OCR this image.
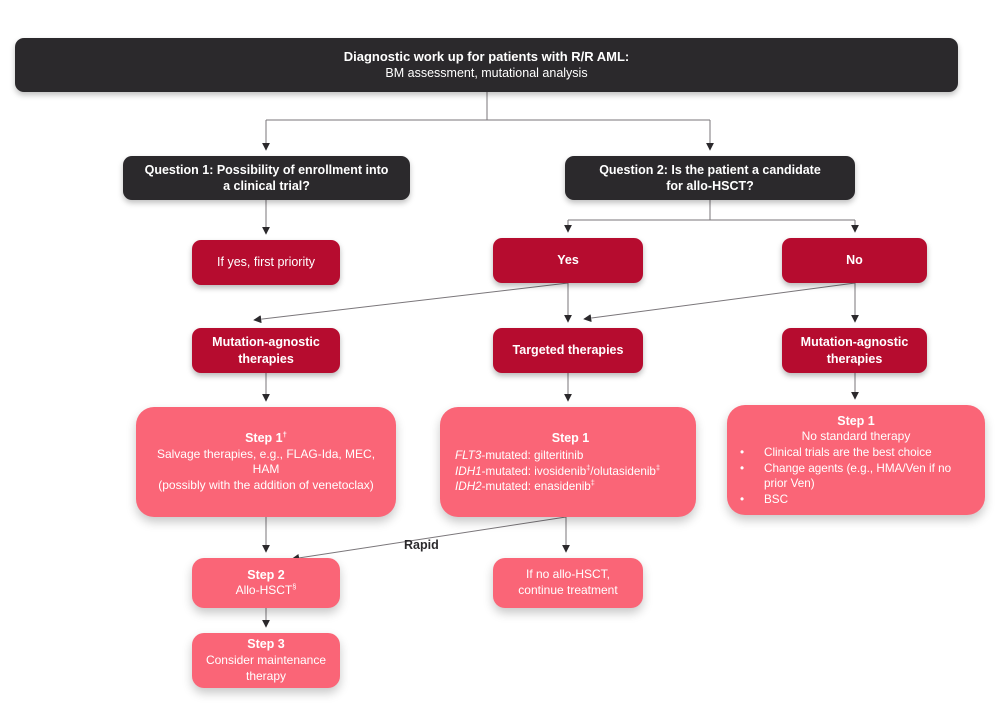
Diagnostic work up for patients with R/R AML:
BM assessment, mutational analysis
Question 1: Possibility of enrollment into a clinical trial?
Question 2: Is the patient a candidate for allo-HSCT?
If yes, first priority	Yes	No
Mutation-agnostic therapies
Targeted therapies
Mutation-agnostic therapies
Step 1†
Salvage therapies, e.g., FLAG-Ida, MEC, HAM
(possibly with the addition of venetoclax)
Step 1
FLT3-mutated: gilteritinib
IDH1-mutated: ivosidenib‡/olutasidenib‡
IDH2-mutated: enasidenib‡
Step 1
No standard therapy
•	Clinical trials are the best choice
•	Change agents (e.g., HMA/Ven if no prior Ven)
•	BSC
Rapid
Step 2
Allo-HSCT§
If no allo-HSCT, continue treatment
Step 3
Consider maintenance therapy
